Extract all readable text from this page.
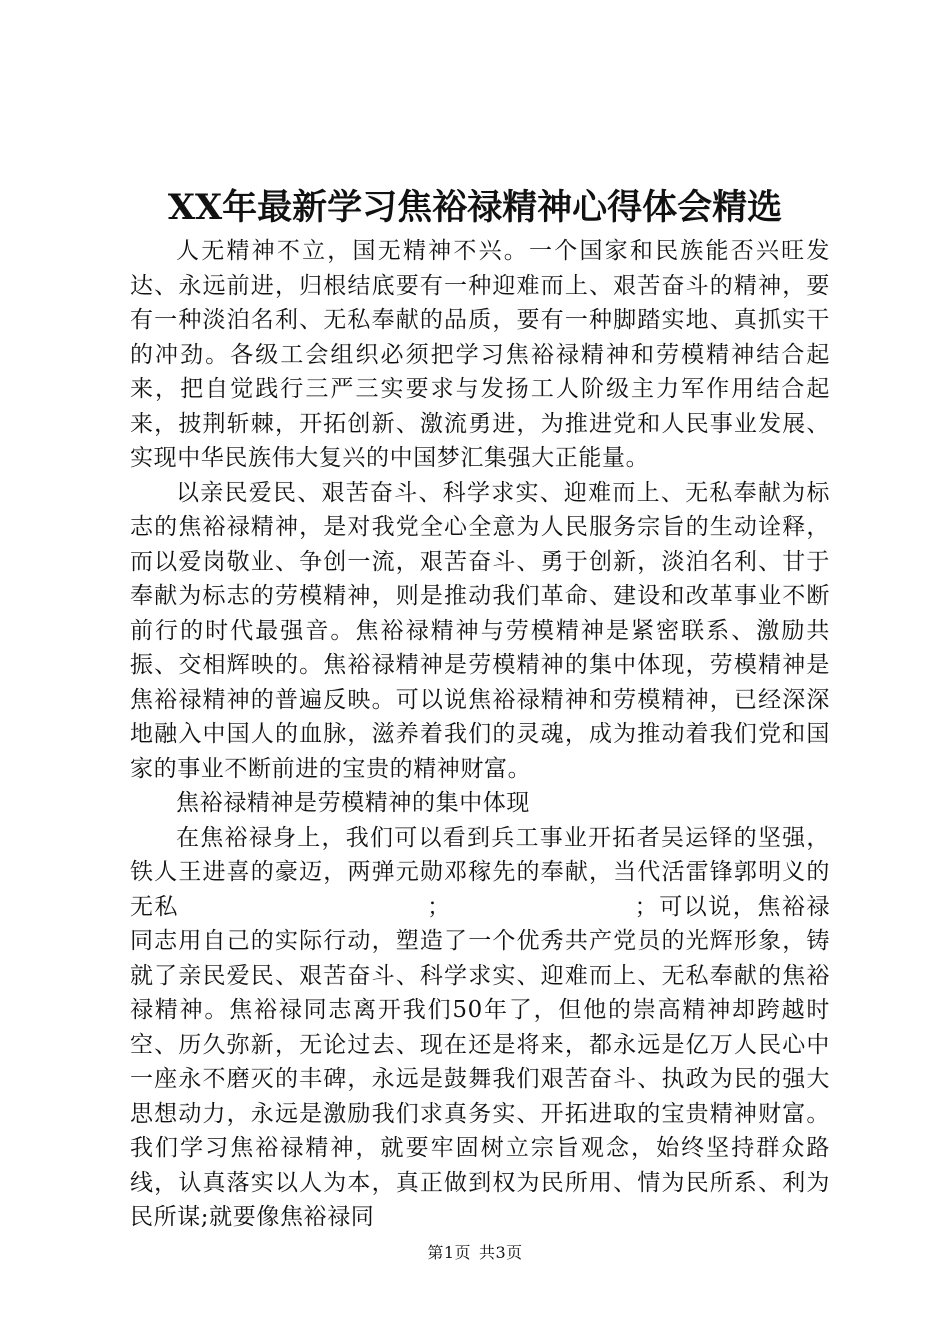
XX年最新学习焦裕禄精神心得体会精选

人无精神不立，国无精神不兴。一个国家和民族能否兴旺发达、永远前进，归根结底要有一种迎难而上、艰苦奋斗的精神，要有一种淡泊名利、无私奉献的品质，要有一种脚踏实地、真抓实干的冲劲。各级工会组织必须把学习焦裕禄精神和劳模精神结合起来，把自觉践行三严三实要求与发扬工人阶级主力军作用结合起来，披荆斩棘，开拓创新、激流勇进，为推进党和人民事业发展、实现中华民族伟大复兴的中国梦汇集强大正能量。

以亲民爱民、艰苦奋斗、科学求实、迎难而上、无私奉献为标志的焦裕禄精神，是对我党全心全意为人民服务宗旨的生动诠释，而以爱岗敬业、争创一流，艰苦奋斗、勇于创新，淡泊名利、甘于奉献为标志的劳模精神，则是推动我们革命、建设和改革事业不断前行的时代最强音。焦裕禄精神与劳模精神是紧密联系、激励共振、交相辉映的。焦裕禄精神是劳模精神的集中体现，劳模精神是焦裕禄精神的普遍反映。可以说焦裕禄精神和劳模精神，已经深深地融入中国人的血脉，滋养着我们的灵魂，成为推动着我们党和国家的事业不断前进的宝贵的精神财富。

焦裕禄精神是劳模精神的集中体现

在焦裕禄身上，我们可以看到兵工事业开拓者吴运铎的坚强，铁人王进喜的豪迈，两弹元勋邓稼先的奉献，当代活雷锋郭明义的无私	；	；可以说，焦裕禄同志用自己的实际行动，塑造了一个优秀共产党员的光辉形象，铸就了亲民爱民、艰苦奋斗、科学求实、迎难而上、无私奉献的焦裕禄精神。焦裕禄同志离开我们50年了，但他的崇高精神却跨越时空、历久弥新，无论过去、现在还是将来，都永远是亿万人民心中一座永不磨灭的丰碑，永远是鼓舞我们艰苦奋斗、执政为民的强大思想动力，永远是激励我们求真务实、开拓进取的宝贵精神财富。我们学习焦裕禄精神，就要牢固树立宗旨观念，始终坚持群众路线，认真落实以人为本，真正做到权为民所用、情为民所系、利为民所谋;就要像焦裕禄同

第1页 共3页
